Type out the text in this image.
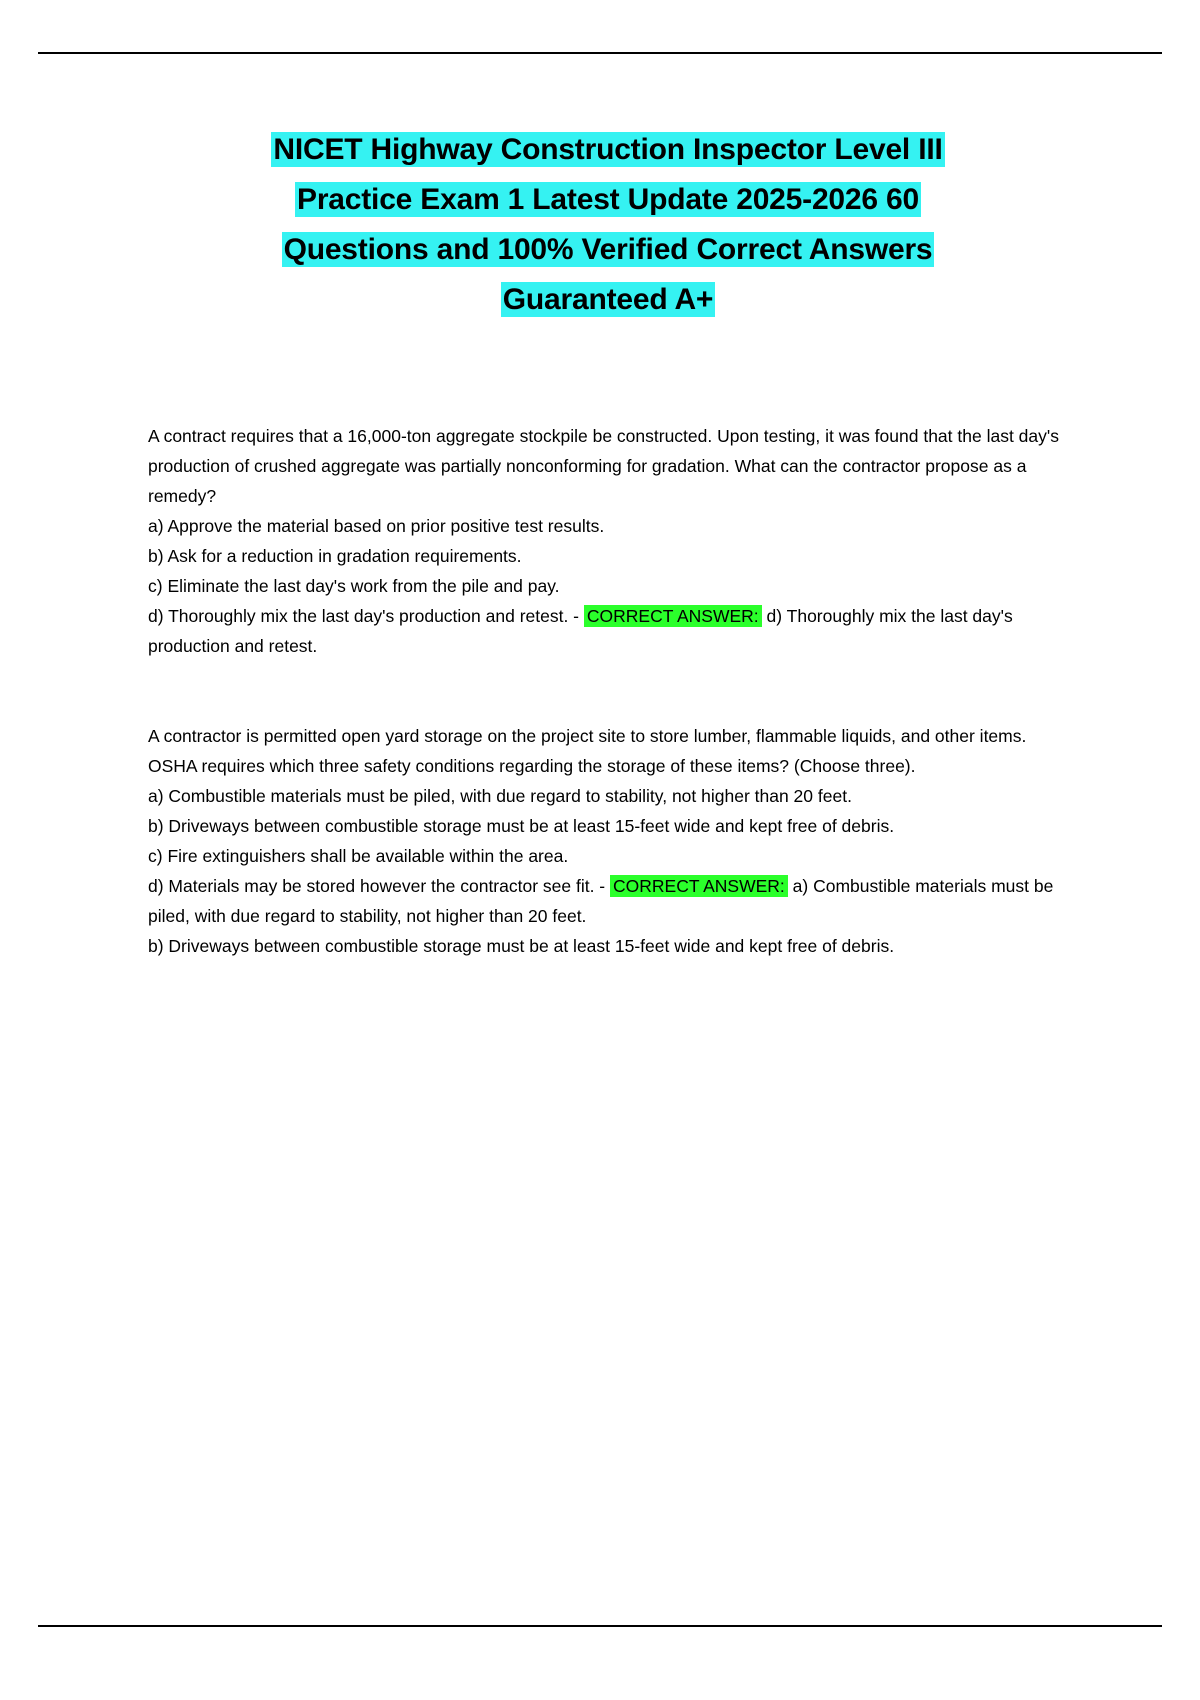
NICET Highway Construction Inspector Level III
Practice Exam 1 Latest Update 2025-2026 60
Questions and 100% Verified Correct Answers
Guaranteed A+

A contract requires that a 16,000-ton aggregate stockpile be constructed. Upon testing, it was found that the last day's production of crushed aggregate was partially nonconforming for gradation. What can the contractor propose as a remedy?

a) Approve the material based on prior positive test results.

b) Ask for a reduction in gradation requirements.

c) Eliminate the last day's work from the pile and pay.

d) Thoroughly mix the last day's production and retest. - CORRECT ANSWER: d) Thoroughly mix the last day's production and retest.

A contractor is permitted open yard storage on the project site to store lumber, flammable liquids, and other items. OSHA requires which three safety conditions regarding the storage of these items? (Choose three).

a) Combustible materials must be piled, with due regard to stability, not higher than 20 feet.

b) Driveways between combustible storage must be at least 15-feet wide and kept free of debris.

c) Fire extinguishers shall be available within the area.

d) Materials may be stored however the contractor see fit. - CORRECT ANSWER: a) Combustible materials must be piled, with due regard to stability, not higher than 20 feet.

b) Driveways between combustible storage must be at least 15-feet wide and kept free of debris.
